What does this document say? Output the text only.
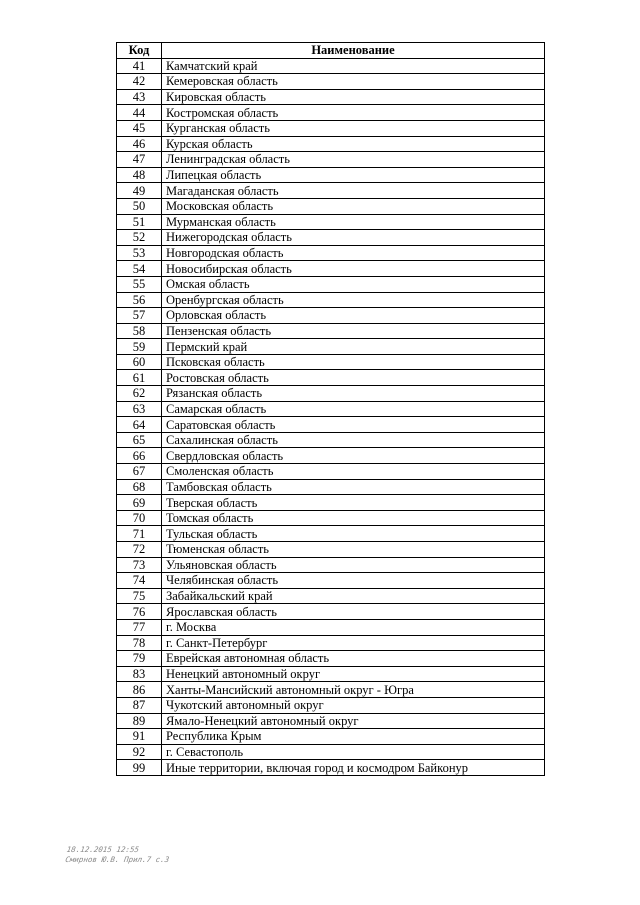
Код	Наименование
41	Камчатский край
42	Кемеровская область
43	Кировская область
44	Костромская область
45	Курганская область
46	Курская область
47	Ленинградская область
48	Липецкая область
49	Магаданская область
50	Московская область
51	Мурманская область
52	Нижегородская область
53	Новгородская область
54	Новосибирская область
55	Омская область
56	Оренбургская область
57	Орловская область
58	Пензенская область
59	Пермский край
60	Псковская область
61	Ростовская область
62	Рязанская область
63	Самарская область
64	Саратовская область
65	Сахалинская область
66	Свердловская область
67	Смоленская область
68	Тамбовская область
69	Тверская область
70	Томская область
71	Тульская область
72	Тюменская область
73	Ульяновская область
74	Челябинская область
75	Забайкальский край
76	Ярославская область
77	г. Москва
78	г. Санкт-Петербург
79	Еврейская автономная область
83	Ненецкий автономный округ
86	Ханты-Мансийский автономный округ - Югра
87	Чукотский автономный округ
89	Ямало-Ненецкий автономный округ
91	Республика Крым
92	г. Севастополь
99	Иные территории, включая город и космодром Байконур
18.12.2015 12:55
Смирнов Ю.В. Прил.7 с.3
